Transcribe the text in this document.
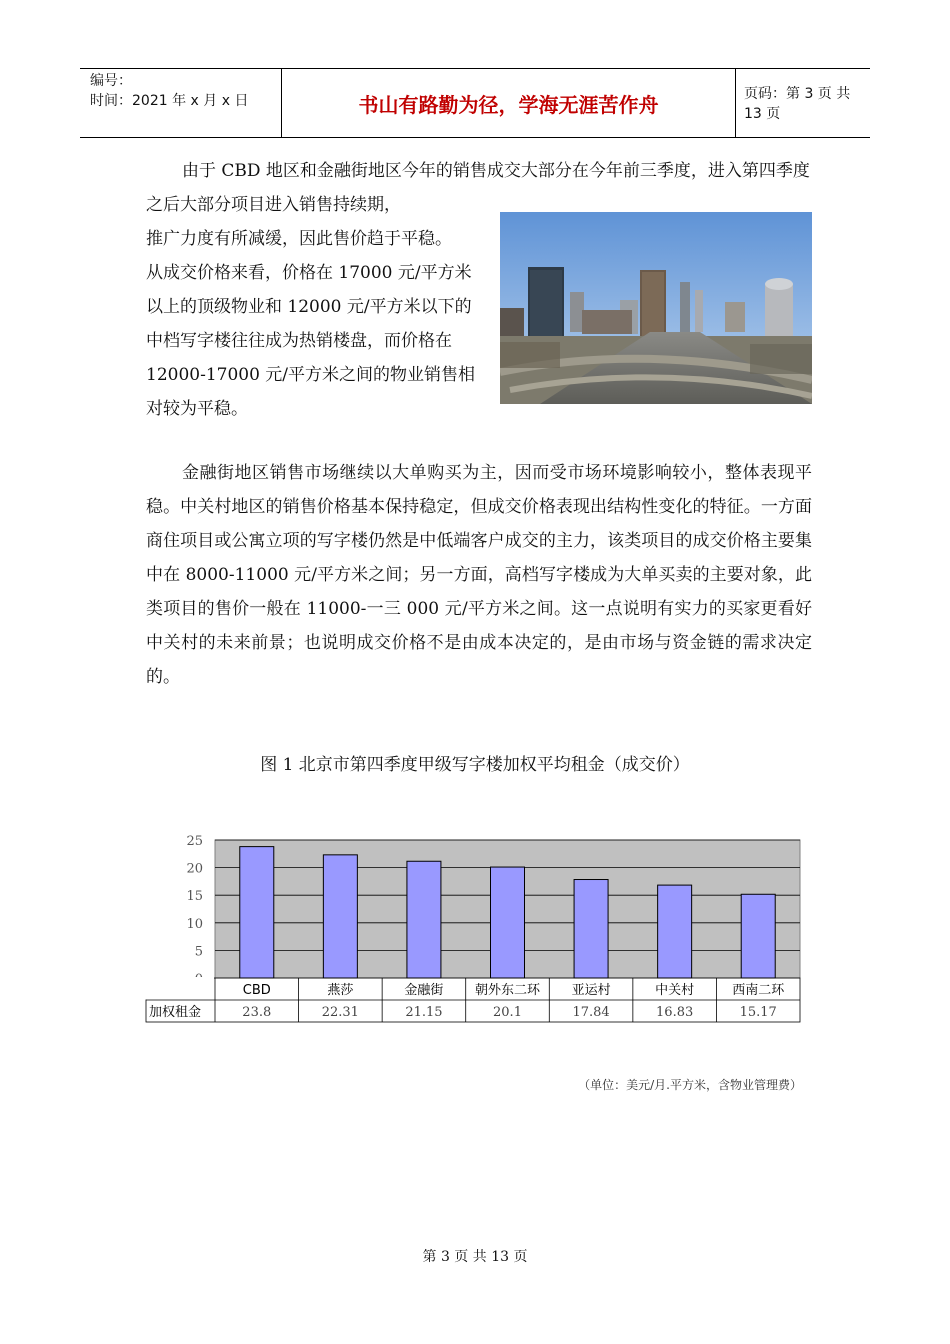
编号：
时间：2021 年 x 月 x 日	书山有路勤为径，学海无涯苦作舟	页码：第 3 页 共 13 页

由于 CBD 地区和金融街地区今年的销售成交大部分在今年前三季度，进入第四季度之后大部分项目进入销售持续期，

推广力度有所减缓，因此售价趋于平稳。
从成交价格来看，价格在 17000 元/平方米
以上的顶级物业和 12000 元/平方米以下的
中档写字楼往往成为热销楼盘，而价格在
12000-17000 元/平方米之间的物业销售相
对较为平稳。

金融街地区销售市场继续以大单购买为主，因而受市场环境影响较小，整体表现平稳。中关村地区的销售价格基本保持稳定，但成交价格表现出结构性变化的特征。一方面商住项目或公寓立项的写字楼仍然是中低端客户成交的主力，该类项目的成交价格主要集中在 8000-11000 元/平方米之间；另一方面，高档写字楼成为大单买卖的主要对象，此类项目的售价一般在 11000-一三 000 元/平方米之间。这一点说明有实力的买家更看好中关村的未来前景；也说明成交价格不是由成本决定的，是由市场与资金链的需求决定的。

图 1 北京市第四季度甲级写字楼加权平均租金（成交价）
5
10
15
20
25
CBD
23.8
燕莎
22.31
金融街
21.15
朝外东二环
20.1
亚运村
17.84
中关村
16.83
西南二环
15.17
加权租金
（单位：美元/月.平方米，含物业管理费）
第 3 页 共 13 页
